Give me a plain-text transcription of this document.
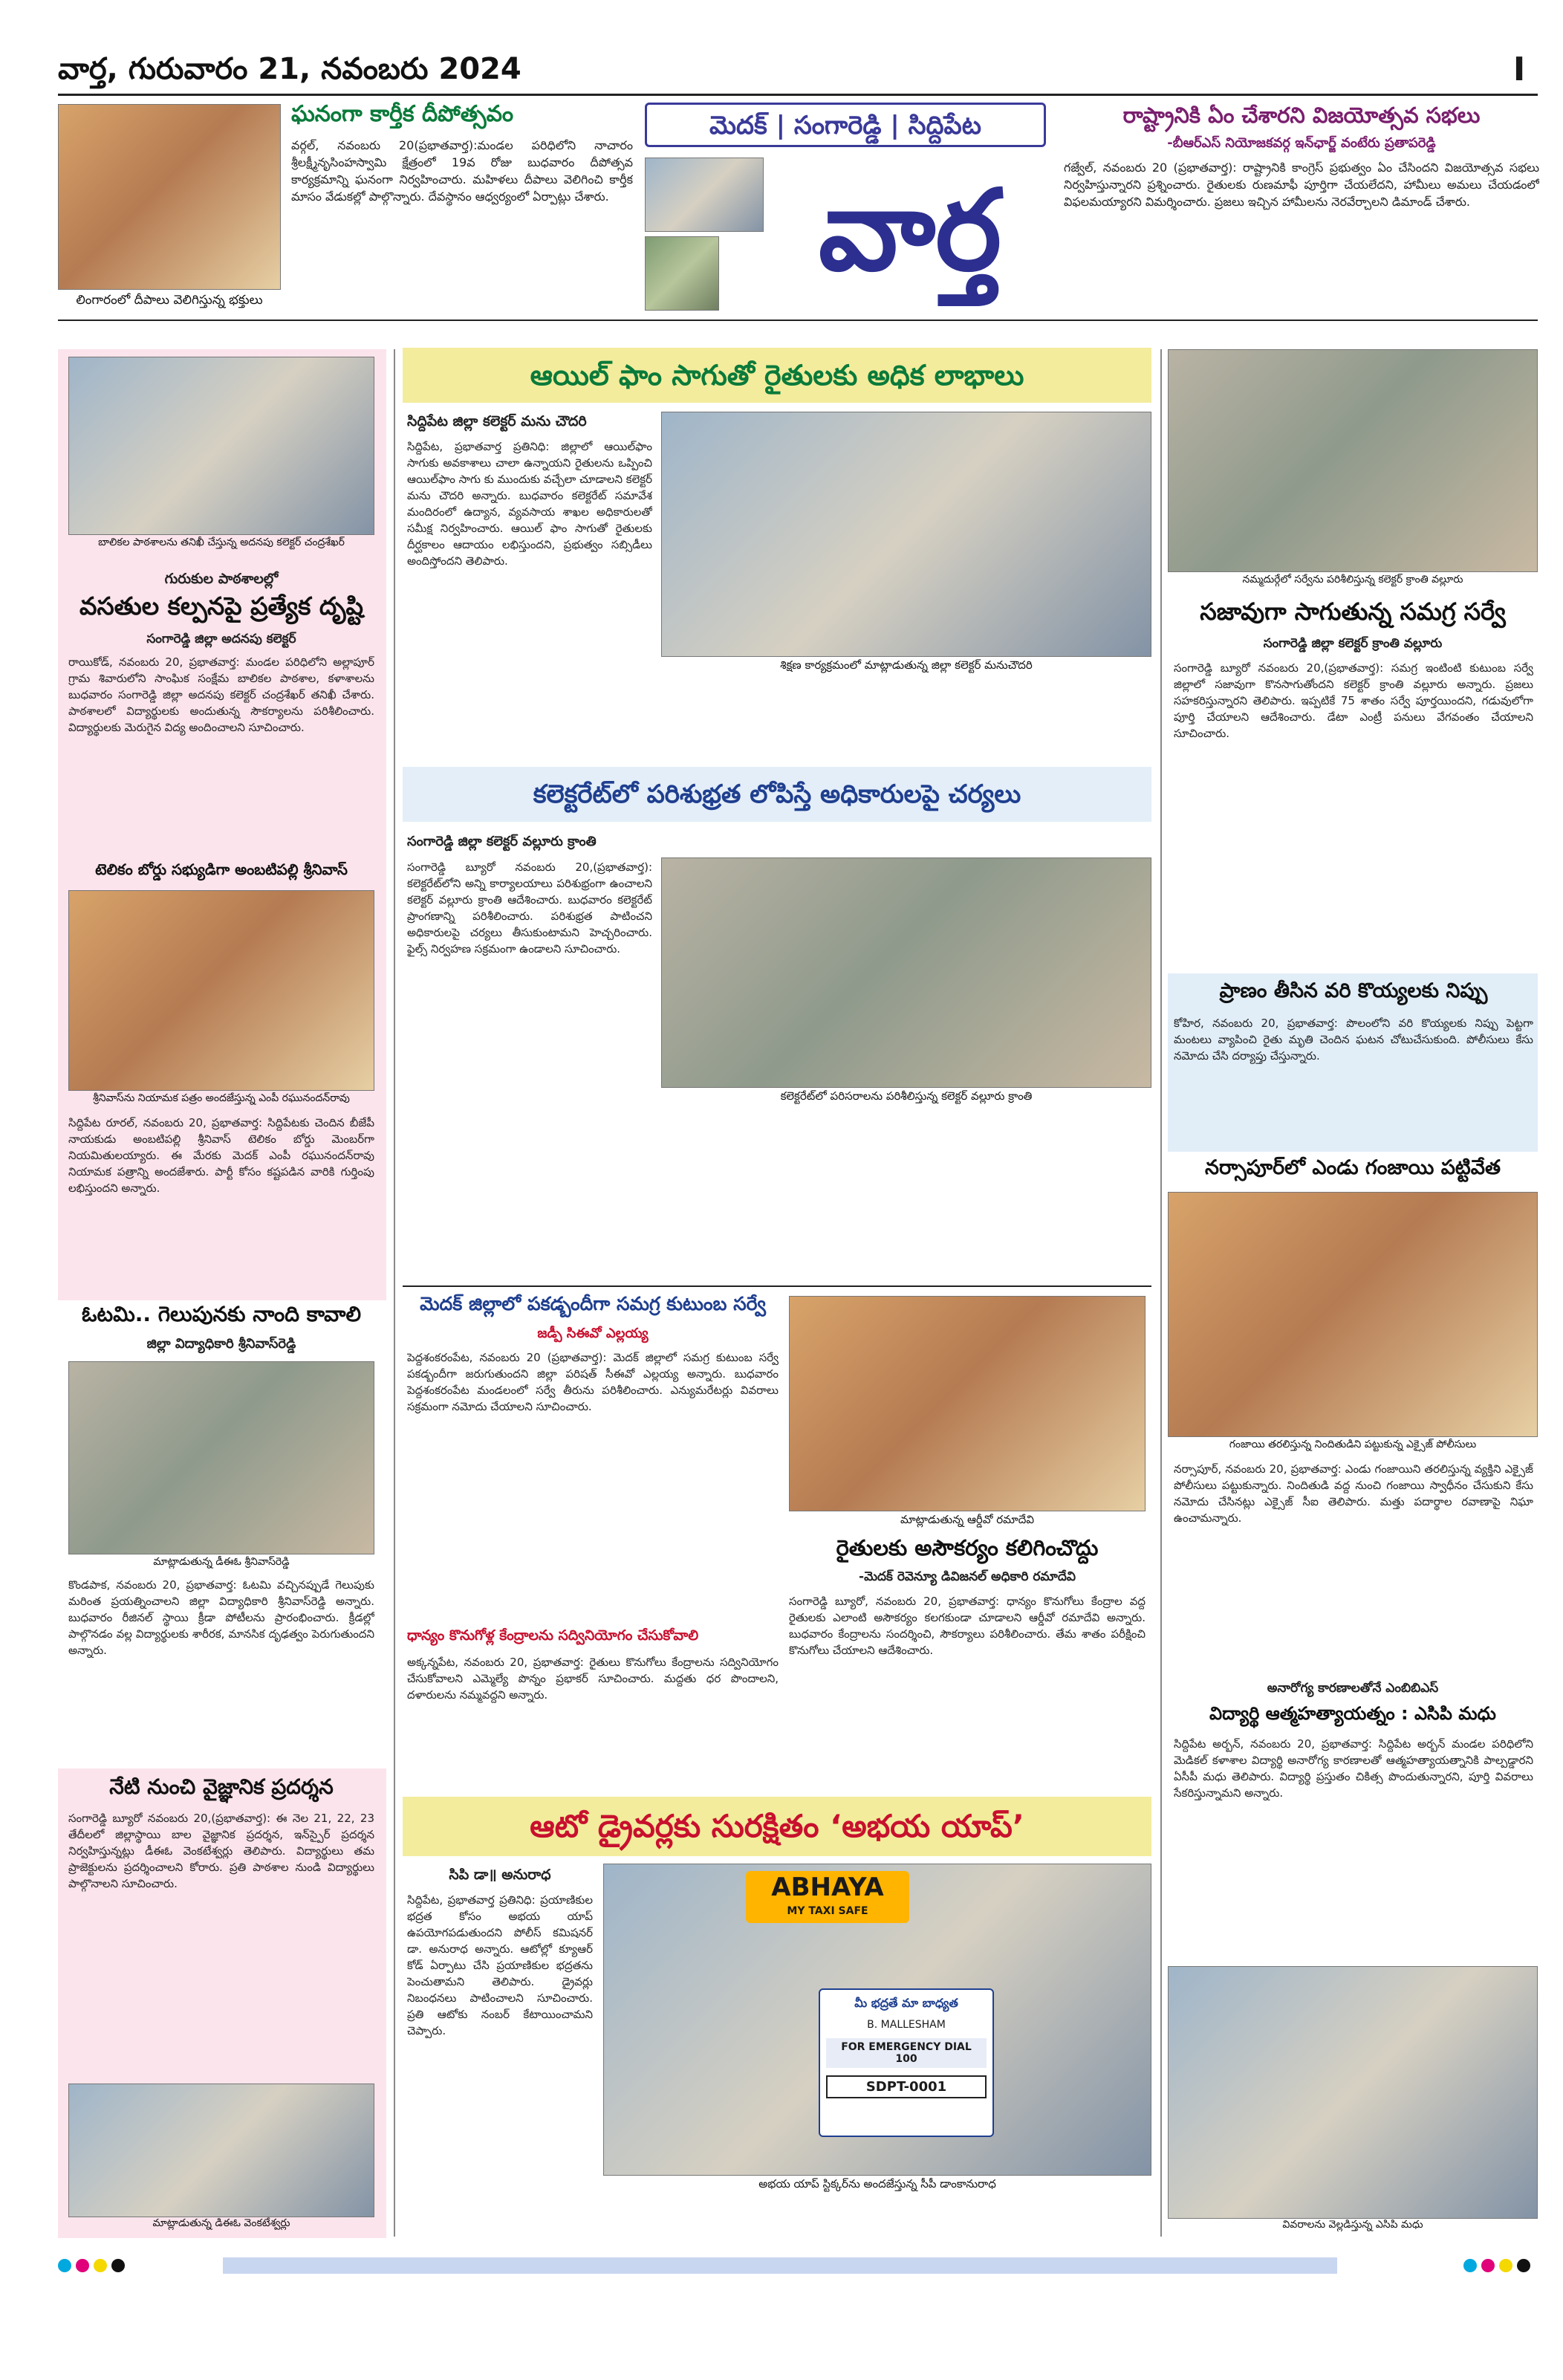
వార్త, గురువారం 21, నవంబరు 2024	I
లింగారంలో దీపాలు వెలిగిస్తున్న భక్తులు
ఘనంగా కార్తీక దీపోత్సవం
వర్గల్, నవంబరు 20(ప్రభాతవార్త):మండల పరిధిలోని నాచారం శ్రీలక్ష్మీనృసింహస్వామి క్షేత్రంలో 19వ రోజు బుధవారం దీపోత్సవ కార్యక్రమాన్ని ఘనంగా నిర్వహించారు. మహిళలు దీపాలు వెలిగించి కార్తీక మాసం వేడుకల్లో పాల్గొన్నారు. దేవస్థానం ఆధ్వర్యంలో ఏర్పాట్లు చేశారు.
మెదక్ | సంగారెడ్డి | సిద్దిపేట
వార్త
రాష్ట్రానికి ఏం చేశారని విజయోత్సవ సభలు
-బీఆర్ఎస్ నియోజకవర్గ ఇన్‌ఛార్జ్ వంటేరు ప్రతాపరెడ్డి
గజ్వేల్, నవంబరు 20 (ప్రభాతవార్త): రాష్ట్రానికి కాంగ్రెస్ ప్రభుత్వం ఏం చేసిందని విజయోత్సవ సభలు నిర్వహిస్తున్నారని ప్రశ్నించారు. రైతులకు రుణమాఫీ పూర్తిగా చేయలేదని, హామీలు అమలు చేయడంలో విఫలమయ్యారని విమర్శించారు. ప్రజలు ఇచ్చిన హామీలను నెరవేర్చాలని డిమాండ్ చేశారు.
బాలికల పాఠశాలను తనిఖీ చేస్తున్న అదనపు కలెక్టర్ చంద్రశేఖర్
గురుకుల పాఠశాలల్లో
వసతుల కల్పనపై ప్రత్యేక దృష్టి
సంగారెడ్డి జిల్లా అదనపు కలెక్టర్
రాయికోడ్, నవంబరు 20, ప్రభాతవార్త: మండల పరిధిలోని అల్లాపూర్ గ్రామ శివారులోని సాంఘిక సంక్షేమ బాలికల పాఠశాల, కళాశాలను బుధవారం సంగారెడ్డి జిల్లా అదనపు కలెక్టర్ చంద్రశేఖర్ తనిఖీ చేశారు. పాఠశాలలో విద్యార్థులకు అందుతున్న సౌకర్యాలను పరిశీలించారు. విద్యార్థులకు మెరుగైన విద్య అందించాలని సూచించారు.
టెలికం బోర్డు సభ్యుడిగా అంబటిపల్లి శ్రీనివాస్
శ్రీనివాస్‌ను నియామక పత్రం అందజేస్తున్న ఎంపీ రఘునందన్‌రావు
సిద్దిపేట రూరల్, నవంబరు 20, ప్రభాతవార్త: సిద్దిపేటకు చెందిన బీజేపీ నాయకుడు అంబటిపల్లి శ్రీనివాస్ టెలికం బోర్డు మెంబర్‌గా నియమితులయ్యారు. ఈ మేరకు మెదక్ ఎంపీ రఘునందన్‌రావు నియామక పత్రాన్ని అందజేశారు. పార్టీ కోసం కష్టపడిన వారికి గుర్తింపు లభిస్తుందని అన్నారు.
ఓటమి.. గెలుపునకు నాంది కావాలి
జిల్లా విద్యాధికారి శ్రీనివాస్‌రెడ్డి
మాట్లాడుతున్న డీఈఓ శ్రీనివాస్‌రెడ్డి
కొండపాక, నవంబరు 20, ప్రభాతవార్త: ఓటమి వచ్చినప్పుడే గెలుపుకు మరింత ప్రయత్నించాలని జిల్లా విద్యాధికారి శ్రీనివాస్‌రెడ్డి అన్నారు. బుధవారం రీజినల్ స్థాయి క్రీడా పోటీలను ప్రారంభించారు. క్రీడల్లో పాల్గొనడం వల్ల విద్యార్థులకు శారీరక, మానసిక దృఢత్వం పెరుగుతుందని అన్నారు.
నేటి నుంచి వైజ్ఞానిక ప్రదర్శన
సంగారెడ్డి బ్యూరో నవంబరు 20,(ప్రభాతవార్త): ఈ నెల 21, 22, 23 తేదీలలో జిల్లాస్థాయి బాల వైజ్ఞానిక ప్రదర్శన, ఇన్‌స్పైర్ ప్రదర్శన నిర్వహిస్తున్నట్లు డీఈఓ వెంకటేశ్వర్లు తెలిపారు. విద్యార్థులు తమ ప్రాజెక్టులను ప్రదర్శించాలని కోరారు. ప్రతి పాఠశాల నుండి విద్యార్థులు పాల్గొనాలని సూచించారు.
మాట్లాడుతున్న డిఈఓ వెంకటేశ్వర్లు
ఆయిల్ ఫాం సాగుతో రైతులకు అధిక లాభాలు
సిద్దిపేట జిల్లా కలెక్టర్ మను చౌదరి
సిద్దిపేట, ప్రభాతవార్త ప్రతినిధి: జిల్లాలో ఆయిల్‌ఫాం సాగుకు అవకాశాలు చాలా ఉన్నాయని రైతులను ఒప్పించి ఆయిల్‌ఫాం సాగు కు ముందుకు వచ్చేలా చూడాలని కలెక్టర్ మను చౌదరి అన్నారు. బుధవారం కలెక్టరేట్ సమావేశ మందిరంలో ఉద్యాన, వ్యవసాయ శాఖల అధికారులతో సమీక్ష నిర్వహించారు. ఆయిల్ ఫాం సాగుతో రైతులకు దీర్ఘకాలం ఆదాయం లభిస్తుందని, ప్రభుత్వం సబ్సిడీలు అందిస్తోందని తెలిపారు.
శిక్షణ కార్యక్రమంలో మాట్లాడుతున్న జిల్లా కలెక్టర్ మనుచౌదరి
కలెక్టరేట్‌లో పరిశుభ్రత లోపిస్తే అధికారులపై చర్యలు
సంగారెడ్డి జిల్లా కలెక్టర్ వల్లూరు క్రాంతి
సంగారెడ్డి బ్యూరో నవంబరు 20,(ప్రభాతవార్త): కలెక్టరేట్‌లోని అన్ని కార్యాలయాలు పరిశుభ్రంగా ఉంచాలని కలెక్టర్ వల్లూరు క్రాంతి ఆదేశించారు. బుధవారం కలెక్టరేట్ ప్రాంగణాన్ని పరిశీలించారు. పరిశుభ్రత పాటించని అధికారులపై చర్యలు తీసుకుంటామని హెచ్చరించారు. ఫైల్స్ నిర్వహణ సక్రమంగా ఉండాలని సూచించారు.
కలెక్టరేట్‌లో పరిసరాలను పరిశీలిస్తున్న కలెక్టర్ వల్లూరు క్రాంతి
మెదక్ జిల్లాలో పకడ్బందీగా సమగ్ర కుటుంబ సర్వే
జడ్పీ సిఈవో ఎల్లయ్య
పెద్దశంకరంపేట, నవంబరు 20 (ప్రభాతవార్త): మెదక్ జిల్లాలో సమగ్ర కుటుంబ సర్వే పకడ్బందీగా జరుగుతుందని జిల్లా పరిషత్ సీఈవో ఎల్లయ్య అన్నారు. బుధవారం పెద్దశంకరంపేట మండలంలో సర్వే తీరును పరిశీలించారు. ఎన్యుమరేటర్లు వివరాలు సక్రమంగా నమోదు చేయాలని సూచించారు.
ధాన్యం కొనుగోళ్ల కేంద్రాలను సద్వినియోగం చేసుకోవాలి
అక్కన్నపేట, నవంబరు 20, ప్రభాతవార్త: రైతులు కొనుగోలు కేంద్రాలను సద్వినియోగం చేసుకోవాలని ఎమ్మెల్యే పొన్నం ప్రభాకర్ సూచించారు. మద్దతు ధర పొందాలని, దళారులను నమ్మవద్దని అన్నారు.
మాట్లాడుతున్న ఆర్డీవో రమాదేవి
రైతులకు అసౌకర్యం కలిగించొద్దు
-మెదక్ రెవెన్యూ డివిజనల్ అధికారి రమాదేవి
సంగారెడ్డి బ్యూరో, నవంబరు 20, ప్రభాతవార్త: ధాన్యం కొనుగోలు కేంద్రాల వద్ద రైతులకు ఎలాంటి అసౌకర్యం కలగకుండా చూడాలని ఆర్డీవో రమాదేవి అన్నారు. బుధవారం కేంద్రాలను సందర్శించి, సౌకర్యాలు పరిశీలించారు. తేమ శాతం పరీక్షించి కొనుగోలు చేయాలని ఆదేశించారు.
ఆటో డ్రైవర్లకు సురక్షితం ‘అభయ యాప్’
సిపి డా॥ అనురాధ
సిద్దిపేట, ప్రభాతవార్త ప్రతినిధి: ప్రయాణికుల భద్రత కోసం అభయ యాప్ ఉపయోగపడుతుందని పోలీస్ కమిషనర్ డా. అనురాధ అన్నారు. ఆటోల్లో క్యూఆర్ కోడ్ ఏర్పాటు చేసి ప్రయాణికుల భద్రతను పెంచుతామని తెలిపారు. డ్రైవర్లు నిబంధనలు పాటించాలని సూచించారు. ప్రతి ఆటోకు నంబర్ కేటాయించామని చెప్పారు.
ABHAYA
MY TAXI SAFE
మీ భద్రతే మా బాధ్యత
B. MALLESHAM
FOR EMERGENCY DIAL 100
SDPT-0001
అభయ యాప్ స్టిక్కర్‌ను అందజేస్తున్న సీపీ డాంకానురాధ
నమ్మదుర్గేలో సర్వేను పరిశీలిస్తున్న కలెక్టర్ క్రాంతి వల్లూరు
సజావుగా సాగుతున్న సమగ్ర సర్వే
సంగారెడ్డి జిల్లా కలెక్టర్ క్రాంతి వల్లూరు
సంగారెడ్డి బ్యూరో నవంబరు 20,(ప్రభాతవార్త): సమగ్ర ఇంటింటి కుటుంబ సర్వే జిల్లాలో సజావుగా కొనసాగుతోందని కలెక్టర్ క్రాంతి వల్లూరు అన్నారు. ప్రజలు సహకరిస్తున్నారని తెలిపారు. ఇప్పటికే 75 శాతం సర్వే పూర్తయిందని, గడువులోగా పూర్తి చేయాలని ఆదేశించారు. డేటా ఎంట్రీ పనులు వేగవంతం చేయాలని సూచించారు.
ప్రాణం తీసిన వరి కొయ్యలకు నిప్పు
కోహిర, నవంబరు 20, ప్రభాతవార్త: పొలంలోని వరి కొయ్యలకు నిప్పు పెట్టగా మంటలు వ్యాపించి రైతు మృతి చెందిన ఘటన చోటుచేసుకుంది. పోలీసులు కేసు నమోదు చేసి దర్యాప్తు చేస్తున్నారు.
నర్సాపూర్‌లో ఎండు గంజాయి పట్టివేత
గంజాయి తరలిస్తున్న నిందితుడిని పట్టుకున్న ఎక్సైజ్ పోలీసులు
నర్సాపూర్, నవంబరు 20, ప్రభాతవార్త: ఎండు గంజాయిని తరలిస్తున్న వ్యక్తిని ఎక్సైజ్ పోలీసులు పట్టుకున్నారు. నిందితుడి వద్ద నుంచి గంజాయి స్వాధీనం చేసుకుని కేసు నమోదు చేసినట్లు ఎక్సైజ్ సీఐ తెలిపారు. మత్తు పదార్థాల రవాణాపై నిఘా ఉంచామన్నారు.
అనారోగ్య కారణాలతోనే ఎంబిబిఎస్
విద్యార్థి ఆత్మహత్యాయత్నం : ఎసిపి మధు
సిద్దిపేట అర్బన్, నవంబరు 20, ప్రభాతవార్త: సిద్దిపేట అర్బన్ మండల పరిధిలోని మెడికల్ కళాశాల విద్యార్థి అనారోగ్య కారణాలతో ఆత్మహత్యాయత్నానికి పాల్పడ్డారని ఏసీపీ మధు తెలిపారు. విద్యార్థి ప్రస్తుతం చికిత్స పొందుతున్నారని, పూర్తి వివరాలు సేకరిస్తున్నామని అన్నారు.
వివరాలను వెల్లడిస్తున్న ఎసిపి మధు
